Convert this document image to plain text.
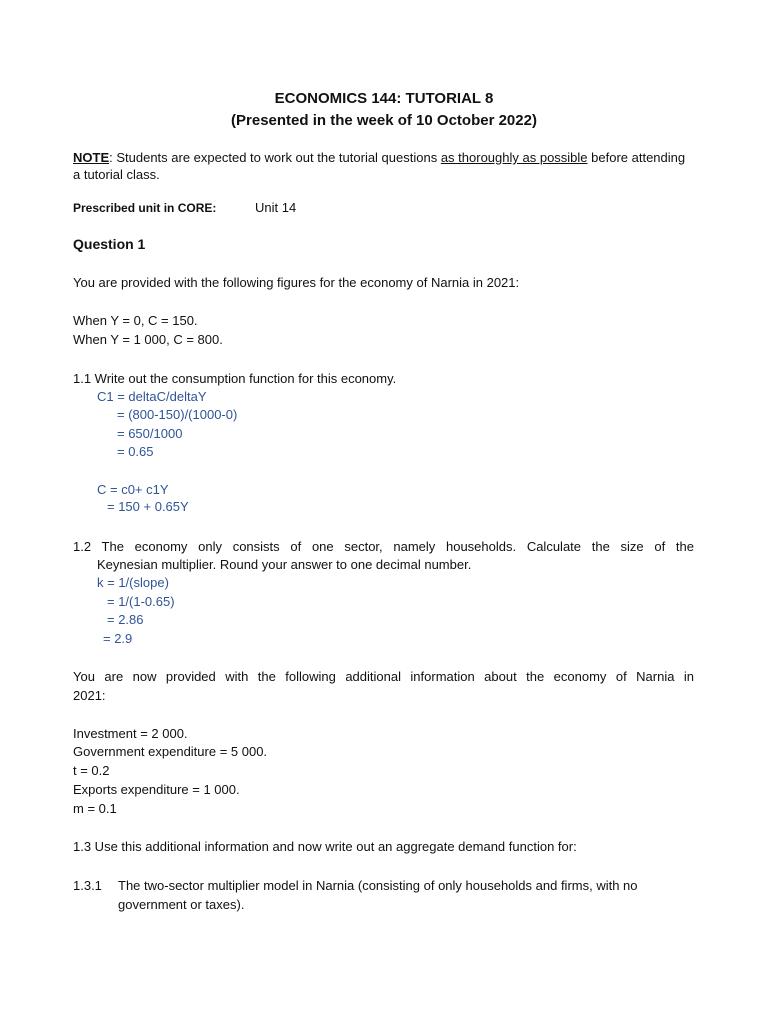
ECONOMICS 144: TUTORIAL 8
(Presented in the week of 10 October 2022)
NOTE: Students are expected to work out the tutorial questions as thoroughly as possible before attending
a tutorial class.
Prescribed unit in CORE:	Unit 14
Question 1
You are provided with the following figures for the economy of Narnia in 2021:
When Y = 0, C = 150.
When Y = 1 000, C = 800.
1.1 Write out the consumption function for this economy.
C1 = deltaC/deltaY
= (800-150)/(1000-0)
= 650/1000
= 0.65
C = c0+ c1Y
= 150 + 0.65Y
1.2 The economy only consists of one sector, namely households. Calculate the size of the
Keynesian multiplier. Round your answer to one decimal number.
k = 1/(slope)
= 1/(1-0.65)
= 2.86
= 2.9
You are now provided with the following additional information about the economy of Narnia in
2021:
Investment = 2 000.
Government expenditure = 5 000.
t = 0.2
Exports expenditure = 1 000.
m = 0.1
1.3 Use this additional information and now write out an aggregate demand function for:
1.3.1 The two-sector multiplier model in Narnia (consisting of only households and firms, with no
government or taxes).
